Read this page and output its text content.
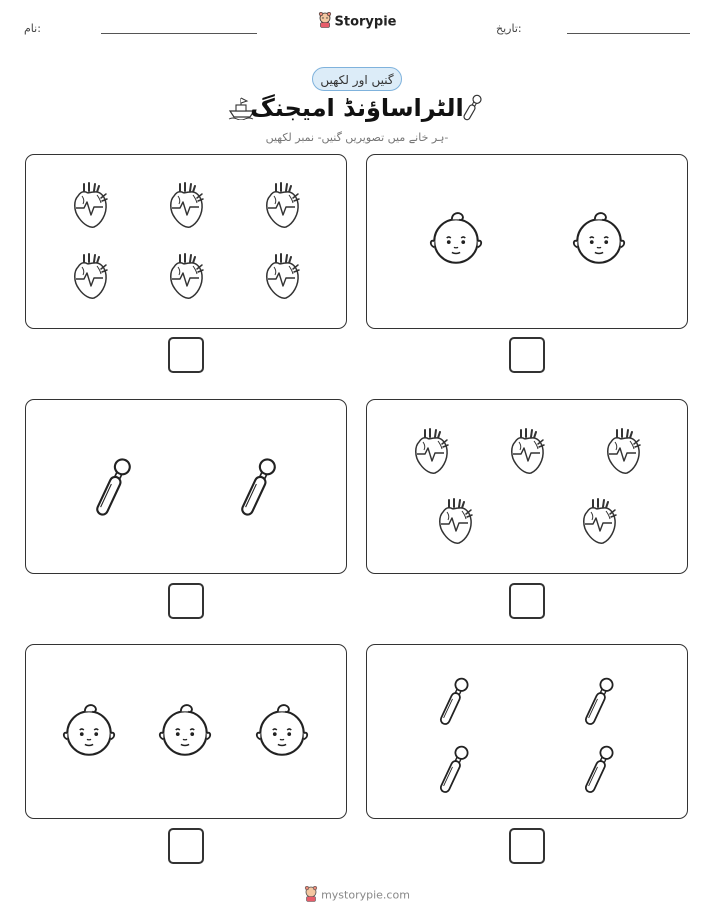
نام:	Storypie	تاریخ:
گنیں اور لکھیں
الٹراساؤنڈ امیجنگ
ہر خانے میں تصویریں گنیں- نمبر لکھیں-
mystorypie.com
